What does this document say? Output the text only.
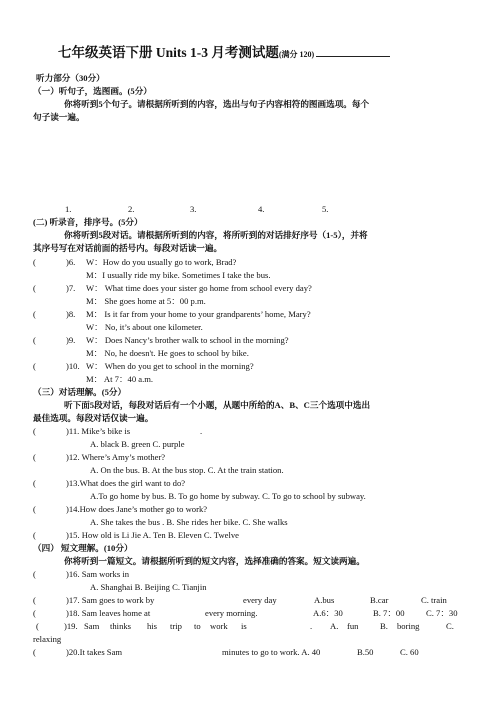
七年级英语下册 Units 1-3 月考测试题(满分 120)
听力部分（30分）
（一）听句子，选图画。(5分）
你将听到5个句子。请根据所听到的内容，选出与句子内容相符的图画选项。每个
句子读一遍。
1.	2.	3.	4.	5.
(二) 听录音，排序号。(5分）
你将听到5段对话。请根据所听到的内容，将所听到的对话排好序号（1-5），并将
其序号写在对话前面的括号内。每段对话读一遍。
(	)6. W：How do you usually go to work, Brad?
M：I usually ride my bike. Sometimes I take the bus.
(	)7. W： What time does your sister go home from school every day?
M： She goes home at 5：00 p.m.
(	)8. M： Is it far from your home to your grandparents’ home, Mary?
W： No, it’s about one kilometer.
(	)9. W： Does Nancy’s brother walk to school in the morning?
M： No, he doesn't. He goes to school by bike.
(	)10. W： When do you get to school in the morning?
M： At 7：40 a.m.
（三）对话理解。(5分）
听下面5段对话，每段对话后有一个小题，从题中所给的A、B、C三个选项中选出
最佳选项。每段对话仅读一遍。
(	)11. Mike’s bike is	.
A. black B. green C. purple
(	)12. Where’s Amy’s mother?
A. On the bus. B. At the bus stop. C. At the train station.
(	)13.What does the girl want to do?
A.To go home by bus. B. To go home by subway. C. To go to school by subway.
(	)14.How does Jane’s mother go to work?
A. She takes the bus . B. She rides her bike. C. She walks
(	)15. How old is Li Jie A. Ten B. Eleven C. Twelve
（四） 短文理解。(10分）
你将听到一篇短文。请根据所听到的短文内容，选择准确的答案。短文读两遍。
(	)16. Sam works in
A. Shanghai B. Beijing C. Tianjin
(	)17. Sam goes to work by	every day	A.bus	B.car	C. train
(	)18. Sam leaves home at	every morning.	A.6：30	B. 7：00 C. 7：30
(	)19. Sam thinks his trip to work is	. A. fun	B. boring	C.
relaxing
(	)20.It takes Sam	minutes to go to work. A. 40	B.50	C. 60
